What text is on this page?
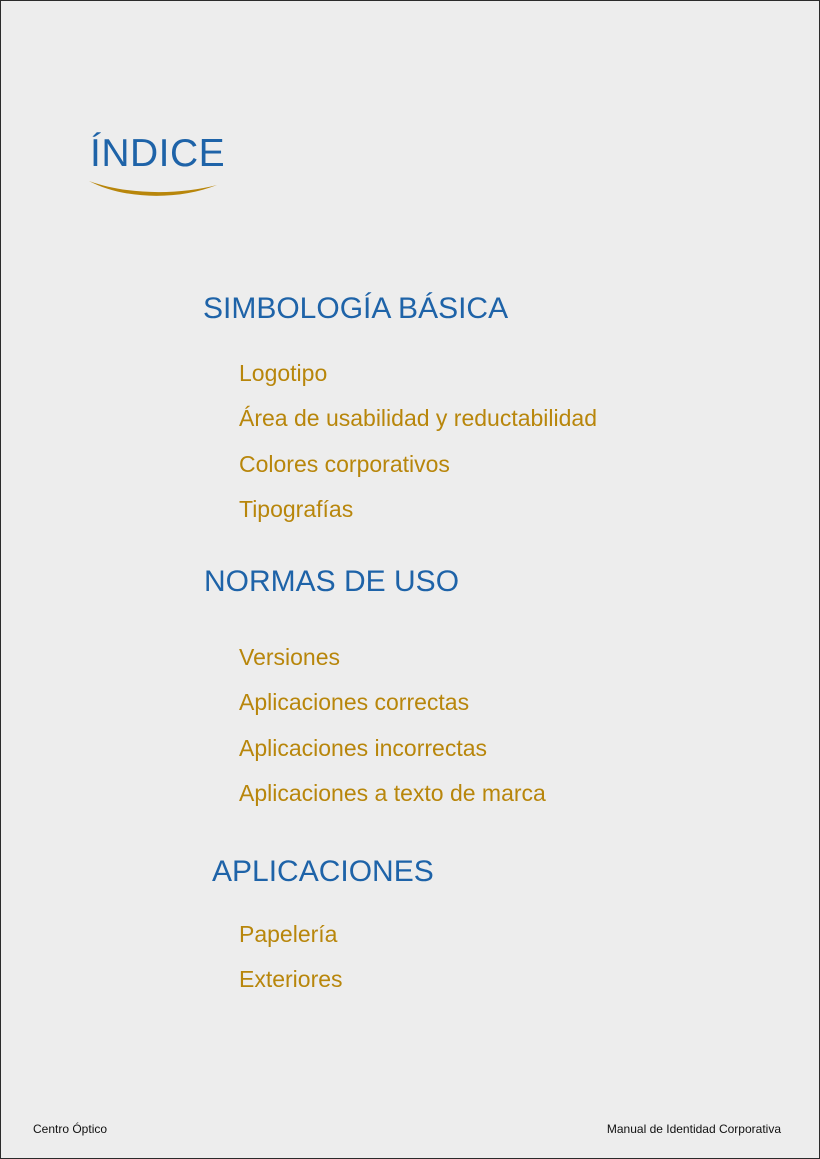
ÍNDICE
SIMBOLOGÍA BÁSICA
Logotipo
Área de usabilidad y reductabilidad
Colores corporativos
Tipografías
NORMAS DE USO
Versiones
Aplicaciones correctas
Aplicaciones incorrectas
Aplicaciones a texto de marca
APLICACIONES
Papelería
Exteriores
Centro Óptico	Manual de Identidad Corporativa
